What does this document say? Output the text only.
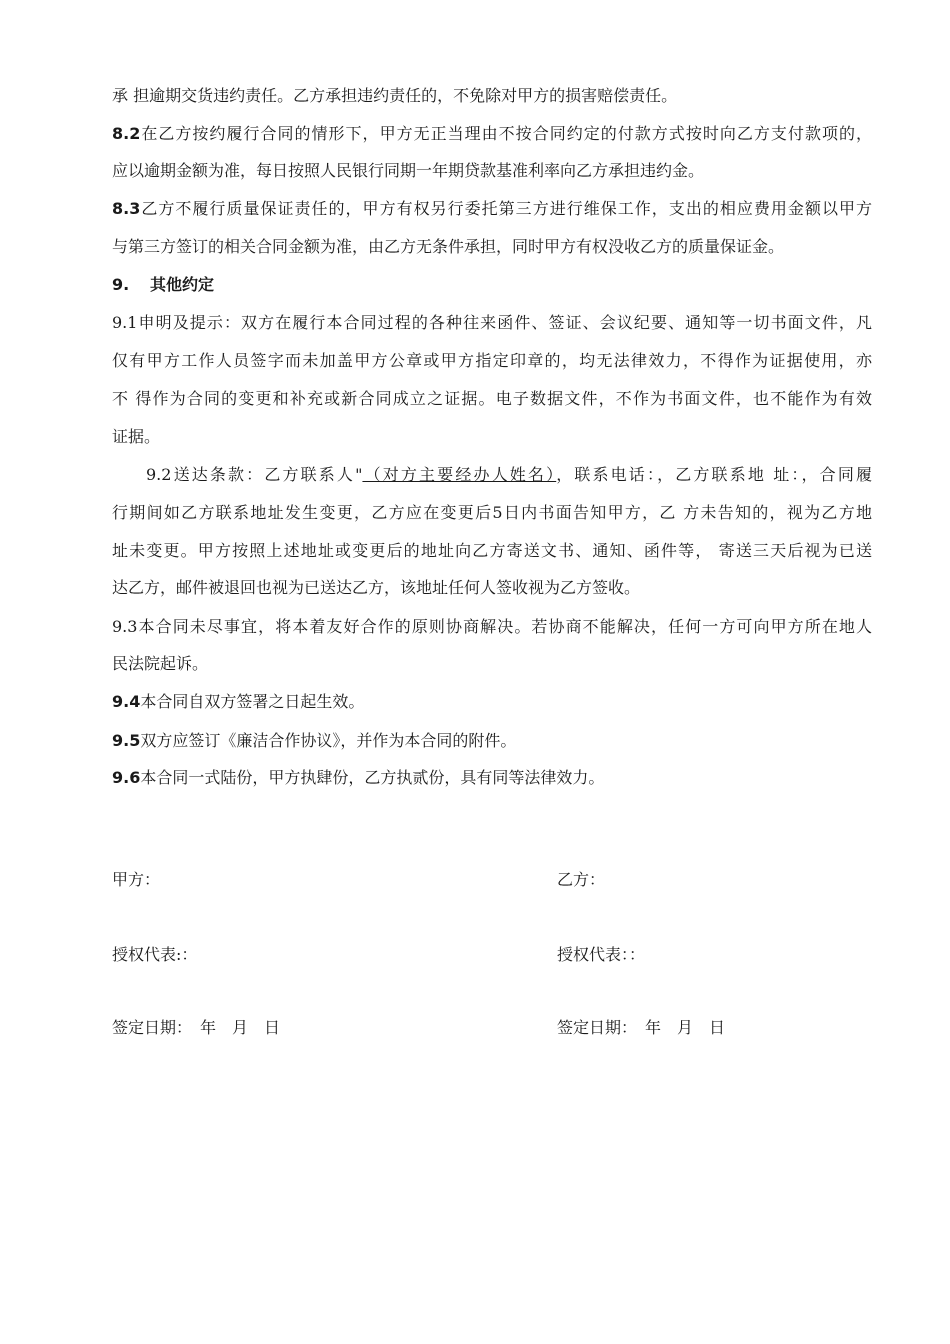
承 担逾期交货违约责任。乙方承担违约责任的，不免除对甲方的损害赔偿责任。
8.2在乙方按约履行合同的情形下，甲方无正当理由不按合同约定的付款方式按时向乙方支付款项的，
应以逾期金额为准，每日按照人民银行同期一年期贷款基准利率向乙方承担违约金。
8.3乙方不履行质量保证责任的，甲方有权另行委托第三方进行维保工作，支出的相应费用金额以甲方
与第三方签订的相关合同金额为准，由乙方无条件承担，同时甲方有权没收乙方的质量保证金。
9. 其他约定
9.1申明及提示：双方在履行本合同过程的各种往来函件、签证、会议纪要、通知等一切书面文件，凡
仅有甲方工作人员签字而未加盖甲方公章或甲方指定印章的，均无法律效力，不得作为证据使用，亦
不 得作为合同的变更和补充或新合同成立之证据。电子数据文件，不作为书面文件，也不能作为有效
证据。
9.2送达条款：乙方联系人"（对方主要经办人姓名），联系电话：，乙方联系地 址：，合同履
行期间如乙方联系地址发生变更，乙方应在变更后5日内书面告知甲方，乙 方未告知的，视为乙方地
址未变更。甲方按照上述地址或变更后的地址向乙方寄送文书、通知、函件等， 寄送三天后视为已送
达乙方，邮件被退回也视为已送达乙方，该地址任何人签收视为乙方签收。
9.3本合同未尽事宜，将本着友好合作的原则协商解决。若协商不能解决，任何一方可向甲方所在地人
民法院起诉。
9.4本合同自双方签署之日起生效。
9.5双方应签订《廉洁合作协议》，并作为本合同的附件。
9.6本合同一式陆份，甲方执肆份，乙方执贰份，具有同等法律效力。
甲方：	乙方：
授权代表:：	授权代表：：
签定日期：　年　月　日	签定日期：　年　月　日
